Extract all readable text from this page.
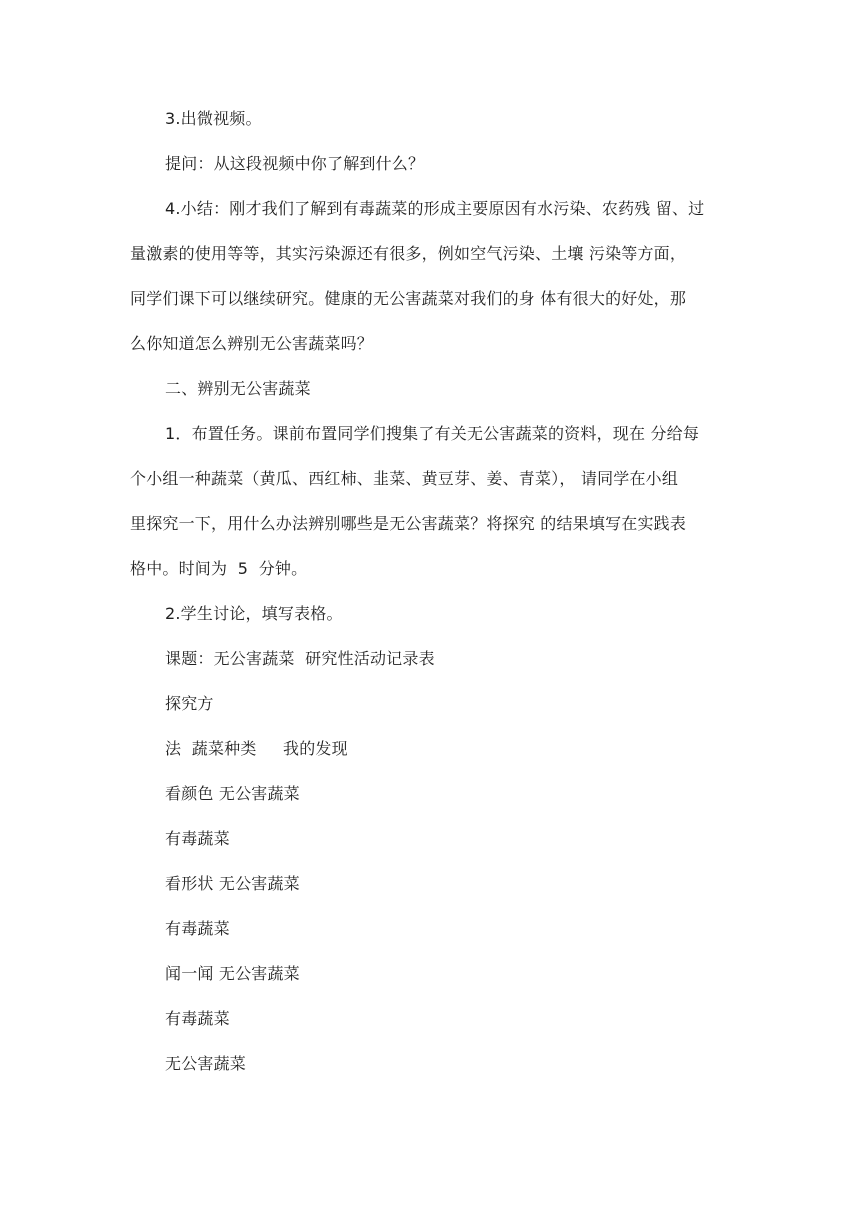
3.出微视频。
提问：从这段视频中你了解到什么？
4.小结：刚才我们了解到有毒蔬菜的形成主要原因有水污染、农药残 留、过
量激素的使用等等，其实污染源还有很多，例如空气污染、土壤 污染等方面，
同学们课下可以继续研究。健康的无公害蔬菜对我们的身 体有很大的好处，那
么你知道怎么辨别无公害蔬菜吗？
二、辨别无公害蔬菜
1．布置任务。课前布置同学们搜集了有关无公害蔬菜的资料，现在 分给每
个小组一种蔬菜（黄瓜、西红柿、韭菜、黄豆芽、姜、青菜）， 请同学在小组
里探究一下，用什么办法辨别哪些是无公害蔬菜？将探究 的结果填写在实践表
格中。时间为  5  分钟。
2.学生讨论，填写表格。
课题：无公害蔬菜  研究性活动记录表
探究方
法  蔬菜种类     我的发现
看颜色 无公害蔬菜
有毒蔬菜
看形状 无公害蔬菜
有毒蔬菜
闻一闻 无公害蔬菜
有毒蔬菜
无公害蔬菜
